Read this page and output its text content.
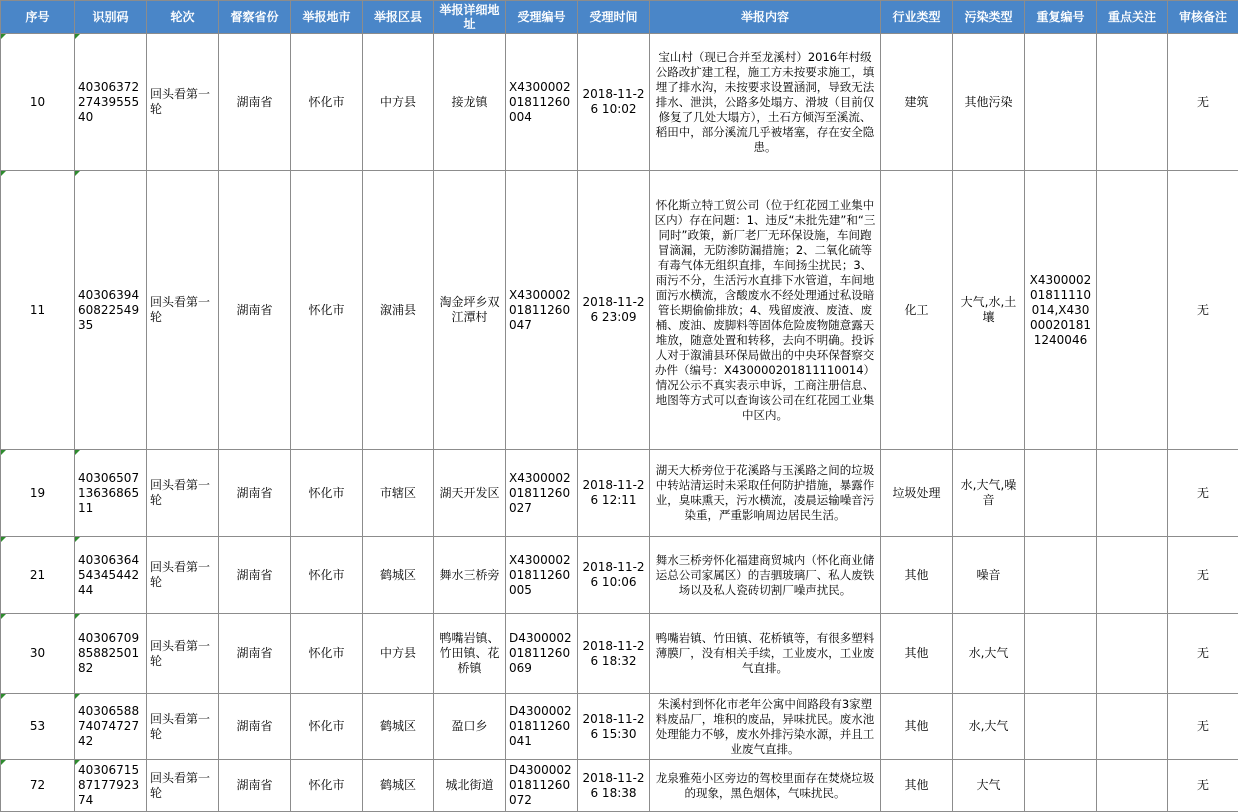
序号	识别码	轮次	督察省份	举报地市	举报区县	举报详细地址	受理编号	受理时间	举报内容	行业类型	污染类型	重复编号	重点关注	审核备注
10	403063722743955540	回头看第一轮	湖南省	怀化市	中方县	接龙镇	X430000201811260004	2018-11-26 10:02	宝山村（现已合并至龙溪村）2016年村级公路改扩建工程，施工方未按要求施工，填埋了排水沟，未按要求设置涵洞，导致无法排水、泄洪，公路多处塌方、滑坡（目前仅修复了几处大塌方），土石方倾泻至溪流、稻田中，部分溪流几乎被堵塞，存在安全隐患。	建筑	其他污染			无
11	403063946082254935	回头看第一轮	湖南省	怀化市	溆浦县	淘金坪乡双江潭村	X430000201811260047	2018-11-26 23:09	怀化斯立特工贸公司（位于红花园工业集中区内）存在问题：1、违反“未批先建”和“三同时”政策，新厂老厂无环保设施，车间跑冒滴漏，无防渗防漏措施；2、二氧化硫等有毒气体无组织直排，车间扬尘扰民；3、雨污不分，生活污水直排下水管道，车间地面污水横流，含酸废水不经处理通过私设暗管长期偷偷排放；4、残留废液、废渣、废桶、废油、废脚料等固体危险废物随意露天堆放，随意处置和转移，去向不明确。投诉人对于溆浦县环保局做出的中央环保督察交办件（编号：X430000201811110014）情况公示不真实表示申诉，工商注册信息、地图等方式可以查询该公司在红花园工业集中区内。	化工	大气,水,土壤	X430000201811110014,X430000201811240046		无
19	403065071363686511	回头看第一轮	湖南省	怀化市	市辖区	湖天开发区	X430000201811260027	2018-11-26 12:11	湖天大桥旁位于花溪路与玉溪路之间的垃圾中转站清运时未采取任何防护措施，暴露作业，臭味熏天，污水横流，凌晨运输噪音污染重，严重影响周边居民生活。	垃圾处理	水,大气,噪音			无
21	403063645434544244	回头看第一轮	湖南省	怀化市	鹤城区	舞水三桥旁	X430000201811260005	2018-11-26 10:06	舞水三桥旁怀化福建商贸城内（怀化商业储运总公司家属区）的吉驷玻璃厂、私人废铁场以及私人瓷砖切割厂噪声扰民。	其他	噪音			无
30	403067098588250182	回头看第一轮	湖南省	怀化市	中方县	鸭嘴岩镇、竹田镇、花桥镇	D430000201811260069	2018-11-26 18:32	鸭嘴岩镇、竹田镇、花桥镇等，有很多塑料薄膜厂，没有相关手续，工业废水，工业废气直排。	其他	水,大气			无
53	403065887407472742	回头看第一轮	湖南省	怀化市	鹤城区	盈口乡	D430000201811260041	2018-11-26 15:30	朱溪村到怀化市老年公寓中间路段有3家塑料废品厂，堆积的废品，异味扰民。废水池处理能力不够，废水外排污染水源，并且工业废气直排。	其他	水,大气			无
72	403067158717792374	回头看第一轮	湖南省	怀化市	鹤城区	城北街道	D430000201811260072	2018-11-26 18:38	龙泉雅苑小区旁边的驾校里面存在焚烧垃圾的现象，黑色烟体，气味扰民。	其他	大气			无
